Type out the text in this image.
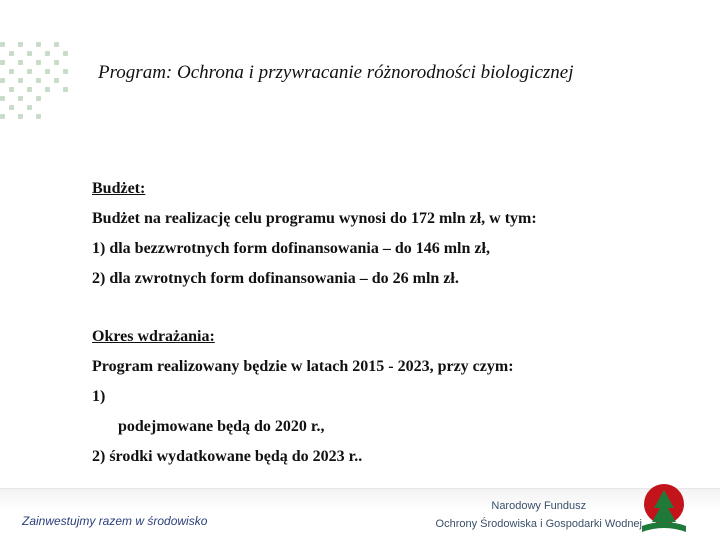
Program: Ochrona i przywracanie różnorodności biologicznej
Budżet:
Budżet na realizację celu programu wynosi do 172 mln zł, w tym:
1) dla bezzwrotnych form dofinansowania – do 146 mln zł,
2) dla zwrotnych form dofinansowania – do 26 mln zł.
Okres wdrażania:
Program realizowany będzie w latach 2015 - 2023, przy czym:
1)
podejmowane będą do 2020 r.,
2) środki wydatkowane będą do 2023 r..
Zainwestujmy razem w środowisko
Narodowy Fundusz
Ochrony Środowiska i Gospodarki Wodnej
